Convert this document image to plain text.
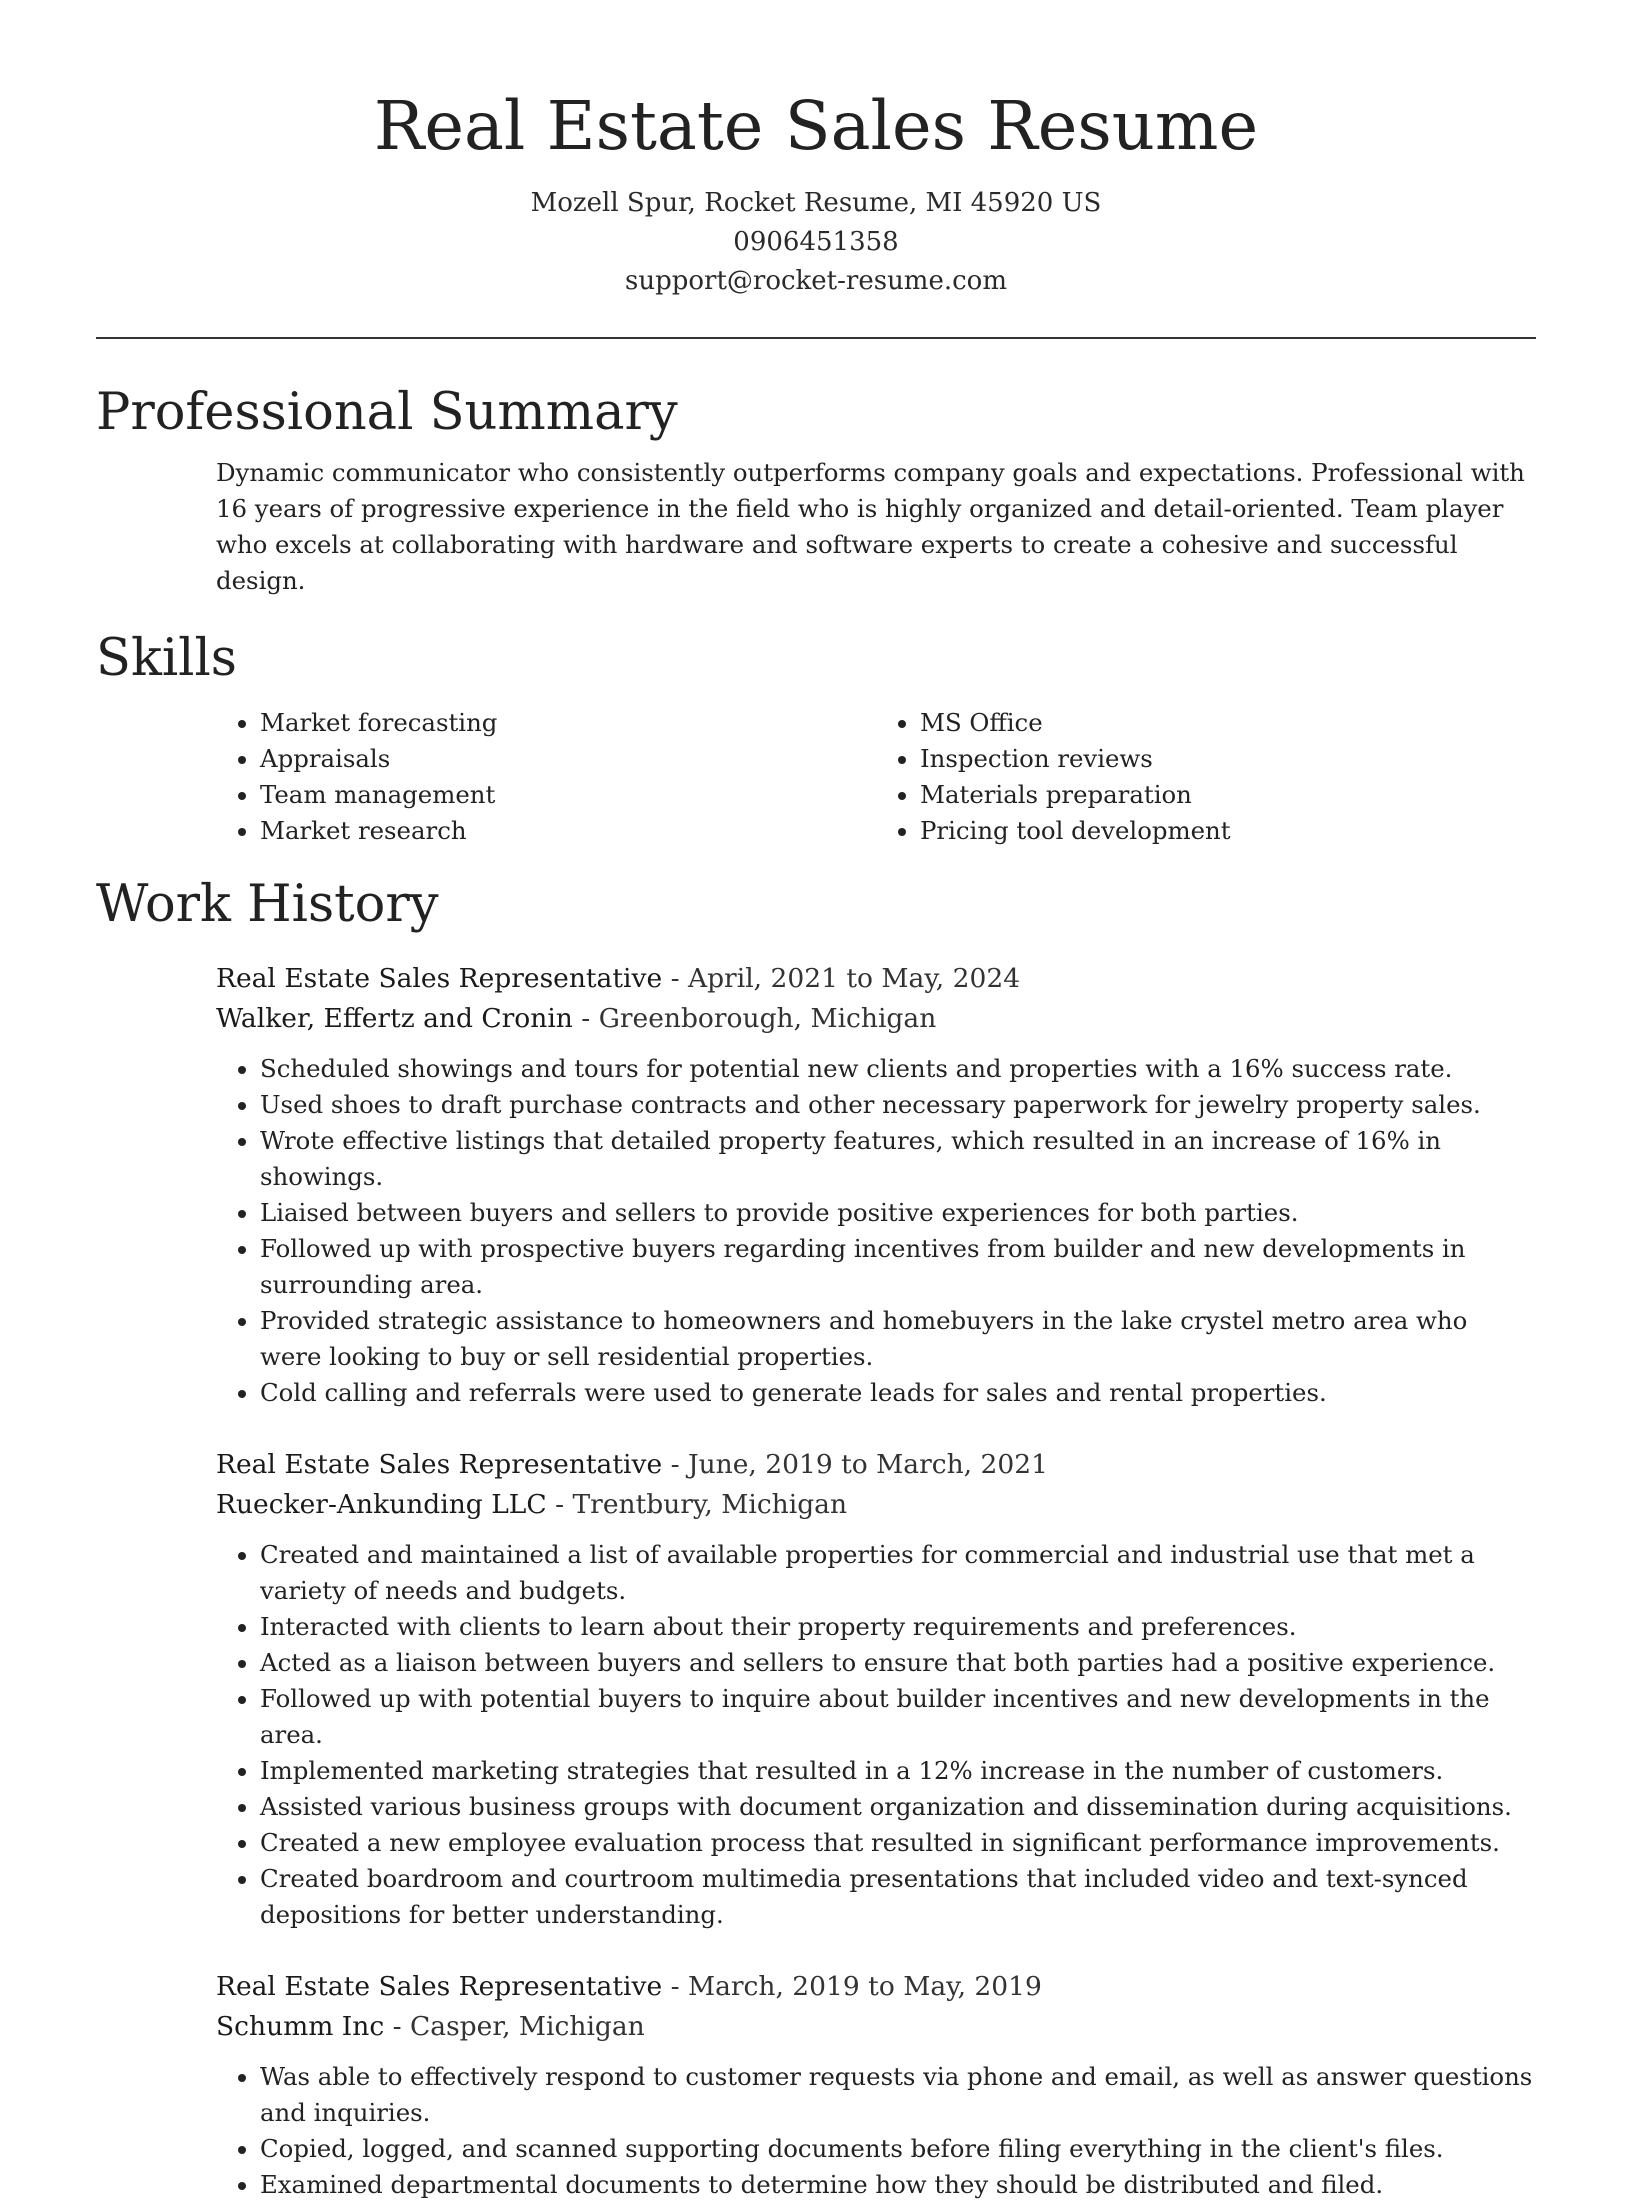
Real Estate Sales Resume
Mozell Spur, Rocket Resume, MI 45920 US
0906451358
support@rocket-resume.com
Professional Summary
Dynamic communicator who consistently outperforms company goals and expectations. Professional with 16 years of progressive experience in the field who is highly organized and detail-oriented. Team player who excels at collaborating with hardware and software experts to create a cohesive and successful design.
Skills
• Market forecasting
• Appraisals
• Team management
• Market research
• MS Office
• Inspection reviews
• Materials preparation
• Pricing tool development
Work History
Real Estate Sales Representative - April, 2021 to May, 2024
Walker, Effertz and Cronin - Greenborough, Michigan
• Scheduled showings and tours for potential new clients and properties with a 16% success rate.
• Used shoes to draft purchase contracts and other necessary paperwork for jewelry property sales.
• Wrote effective listings that detailed property features, which resulted in an increase of 16% in showings.
• Liaised between buyers and sellers to provide positive experiences for both parties.
• Followed up with prospective buyers regarding incentives from builder and new developments in surrounding area.
• Provided strategic assistance to homeowners and homebuyers in the lake crystel metro area who were looking to buy or sell residential properties.
• Cold calling and referrals were used to generate leads for sales and rental properties.
Real Estate Sales Representative - June, 2019 to March, 2021
Ruecker-Ankunding LLC - Trentbury, Michigan
• Created and maintained a list of available properties for commercial and industrial use that met a variety of needs and budgets.
• Interacted with clients to learn about their property requirements and preferences.
• Acted as a liaison between buyers and sellers to ensure that both parties had a positive experience.
• Followed up with potential buyers to inquire about builder incentives and new developments in the area.
• Implemented marketing strategies that resulted in a 12% increase in the number of customers.
• Assisted various business groups with document organization and dissemination during acquisitions.
• Created a new employee evaluation process that resulted in significant performance improvements.
• Created boardroom and courtroom multimedia presentations that included video and text-synced depositions for better understanding.
Real Estate Sales Representative - March, 2019 to May, 2019
Schumm Inc - Casper, Michigan
• Was able to effectively respond to customer requests via phone and email, as well as answer questions and inquiries.
• Copied, logged, and scanned supporting documents before filing everything in the client's files.
• Examined departmental documents to determine how they should be distributed and filed.
